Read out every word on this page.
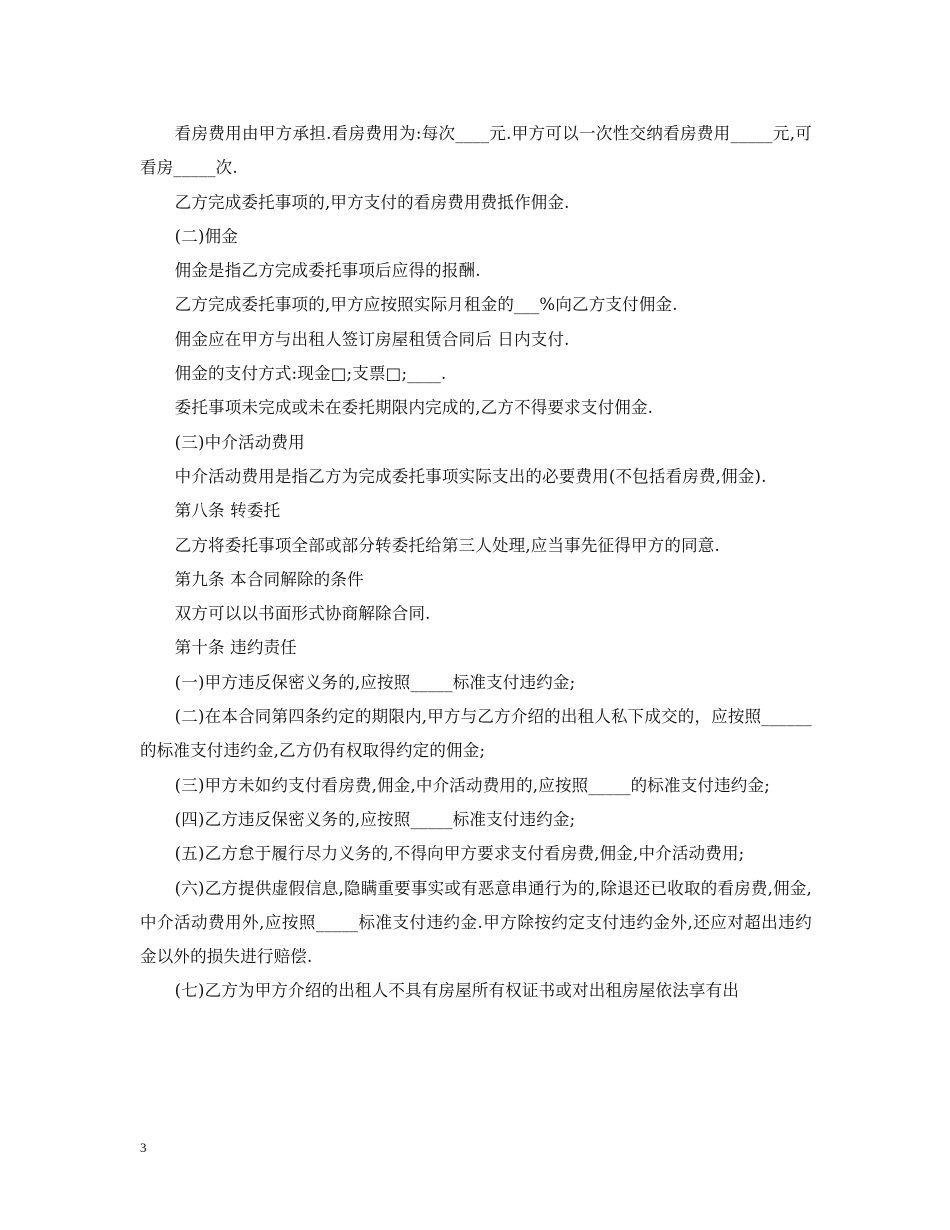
看房费用由甲方承担.看房费用为:每次____元.甲方可以一次性交纳看房费用_____元,可看房_____次.

乙方完成委托事项的,甲方支付的看房费用费抵作佣金.

(二)佣金

佣金是指乙方完成委托事项后应得的报酬.

乙方完成委托事项的,甲方应按照实际月租金的___%向乙方支付佣金.

佣金应在甲方与出租人签订房屋租赁合同后 日内支付.

佣金的支付方式:现金□;支票□;____.

委托事项未完成或未在委托期限内完成的,乙方不得要求支付佣金.

(三)中介活动费用

中介活动费用是指乙方为完成委托事项实际支出的必要费用(不包括看房费,佣金).

第八条 转委托

乙方将委托事项全部或部分转委托给第三人处理,应当事先征得甲方的同意.

第九条 本合同解除的条件

双方可以以书面形式协商解除合同.

第十条 违约责任

(一)甲方违反保密义务的,应按照_____标准支付违约金;

(二)在本合同第四条约定的期限内,甲方与乙方介绍的出租人私下成交的，应按照______的标准支付违约金,乙方仍有权取得约定的佣金;

(三)甲方未如约支付看房费,佣金,中介活动费用的,应按照_____的标准支付违约金;

(四)乙方违反保密义务的,应按照_____标准支付违约金;

(五)乙方怠于履行尽力义务的,不得向甲方要求支付看房费,佣金,中介活动费用;

(六)乙方提供虚假信息,隐瞒重要事实或有恶意串通行为的,除退还已收取的看房费,佣金,中介活动费用外,应按照_____标准支付违约金.甲方除按约定支付违约金外,还应对超出违约金以外的损失进行赔偿.

(七)乙方为甲方介绍的出租人不具有房屋所有权证书或对出租房屋依法享有出

3
